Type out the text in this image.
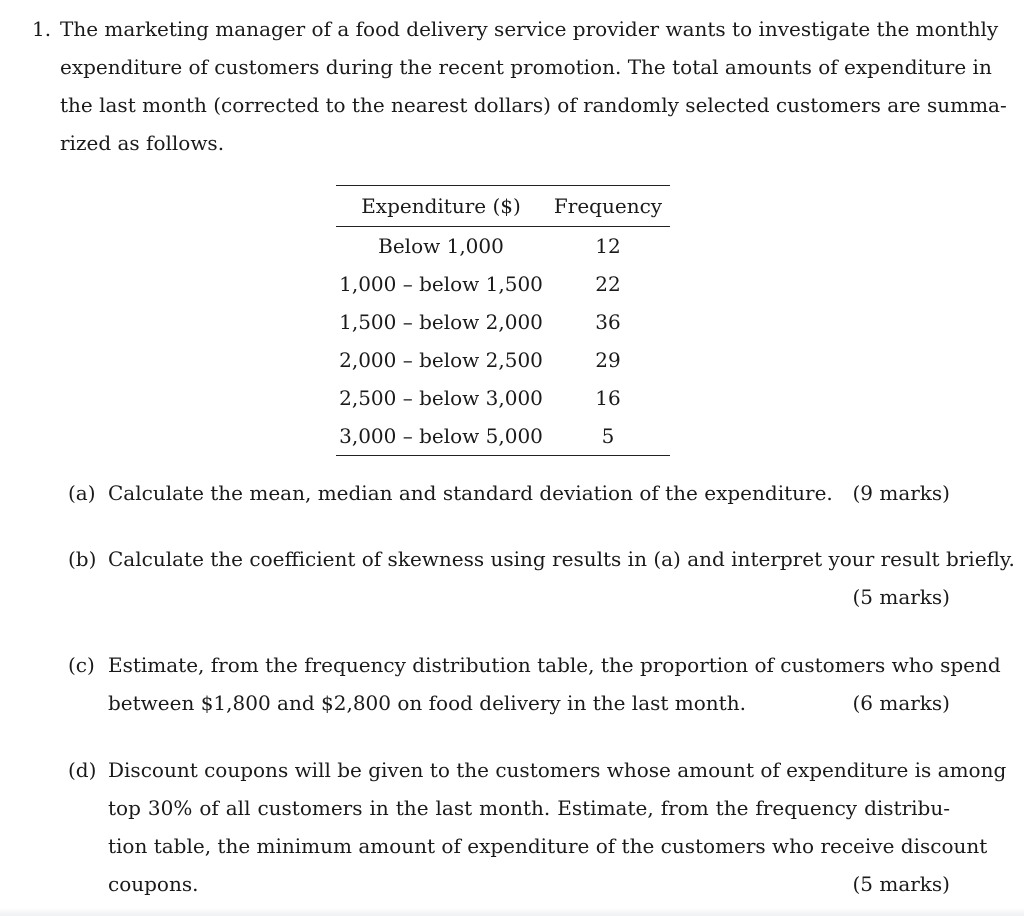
1. The marketing manager of a food delivery service provider wants to investigate the monthly
expenditure of customers during the recent promotion. The total amounts of expenditure in
the last month (corrected to the nearest dollars) of randomly selected customers are summa-
rized as follows.
Expenditure ($)	Frequency
Below 1,000	12
1,000 – below 1,500	22
1,500 – below 2,000	36
2,000 – below 2,500	29
2,500 – below 3,000	16
3,000 – below 5,000	5
(a) Calculate the mean, median and standard deviation of the expenditure. (9 marks)
(b) Calculate the coefficient of skewness using results in (a) and interpret your result briefly.
(5 marks)
(c) Estimate, from the frequency distribution table, the proportion of customers who spend
between $1,800 and $2,800 on food delivery in the last month.	(6 marks)
(d) Discount coupons will be given to the customers whose amount of expenditure is among
top 30% of all customers in the last month. Estimate, from the frequency distribu-
tion table, the minimum amount of expenditure of the customers who receive discount
coupons.	(5 marks)
